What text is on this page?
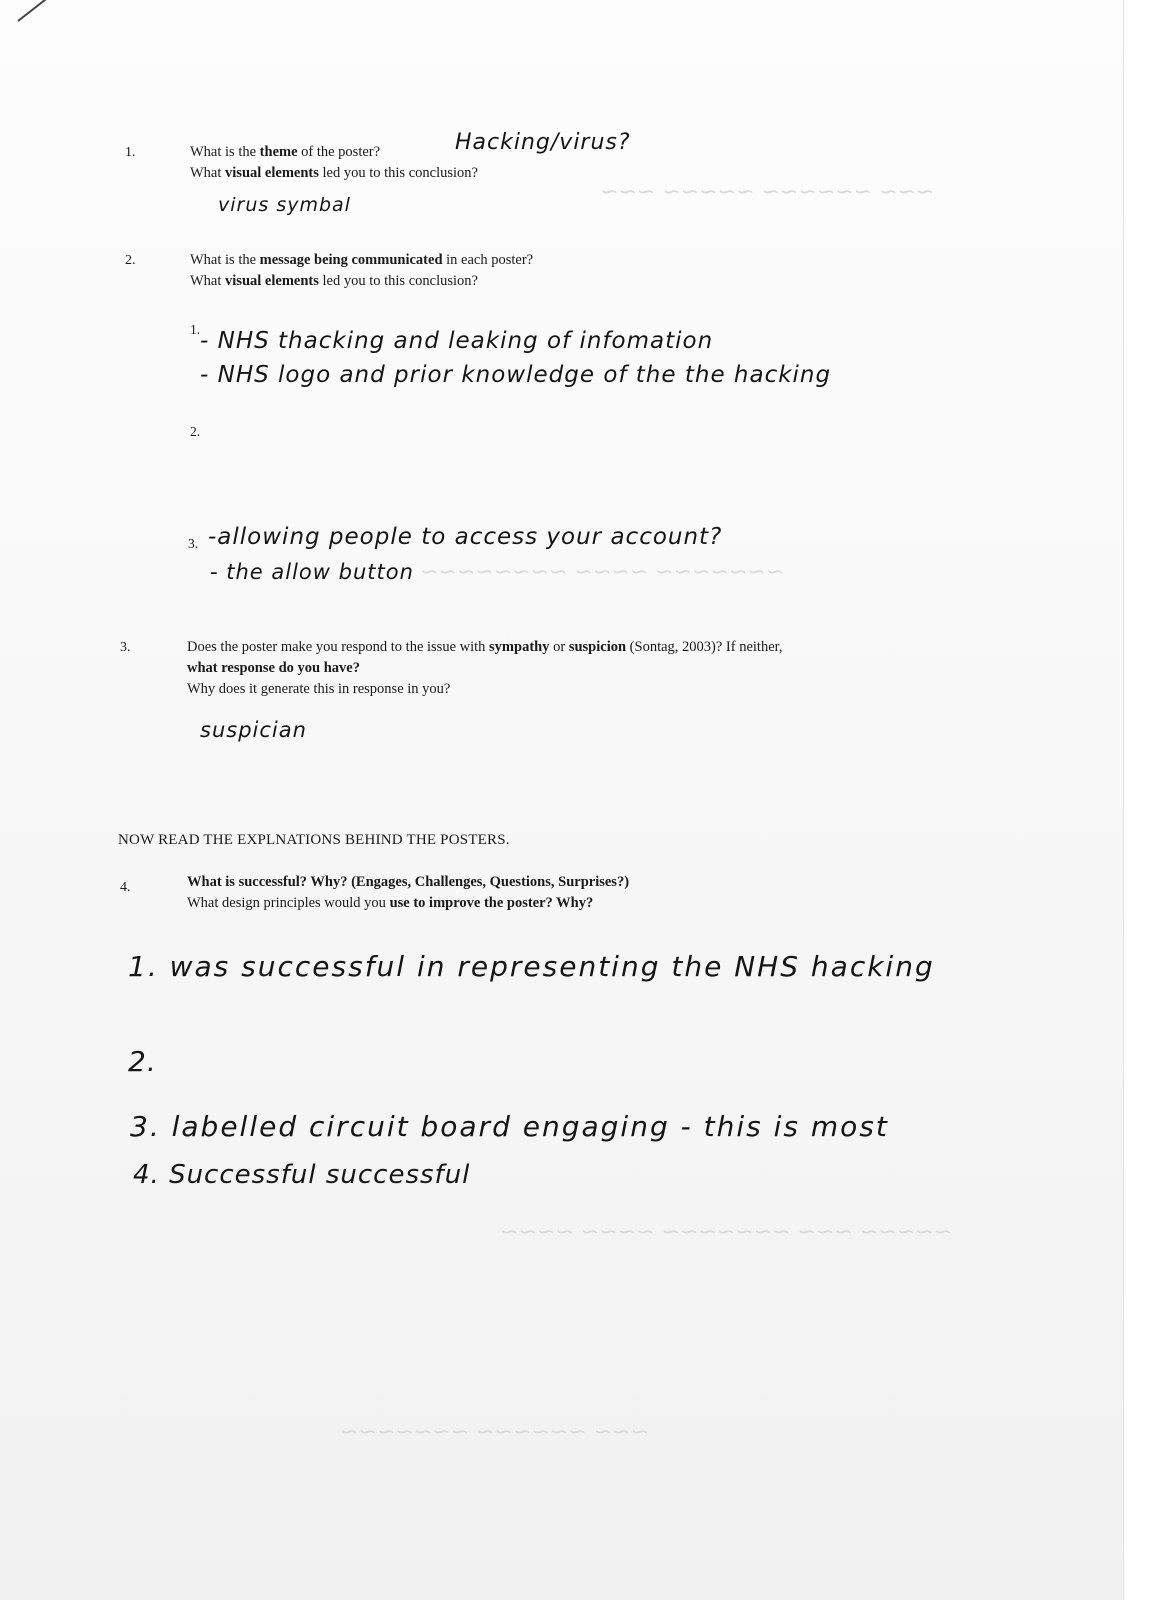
~~~ ~~~~~~ ~~~~~ ~~~
~~~~~~~ ~~~~ ~~~~~~~~
~~~~~ ~~~ ~~~~~~~ ~~~~ ~~~~
~~~ ~~~~~~ ~~~~~~~
1.	What is the theme of the poster?
What visual elements led you to this conclusion?
Hacking/virus?
virus symbal
2.	What is the message being communicated in each poster?
What visual elements led you to this conclusion?
1. - NHS thacking and leaking of infomation
- NHS logo and prior knowledge of the the hacking
2.
3. -allowing people to access your account?
- the allow button
3.	Does the poster make you respond to the issue with sympathy or suspicion (Sontag, 2003)? If neither,
what response do you have?
Why does it generate this in response in you?
suspician
NOW READ THE EXPLNATIONS BEHIND THE POSTERS.
4.	What is successful? Why? (Engages, Challenges, Questions, Surprises?)
What design principles would you use to improve the poster? Why?
1. was successful in representing the NHS hacking
2.
3. labelled circuit board engaging - this is most
4. Successful successful
